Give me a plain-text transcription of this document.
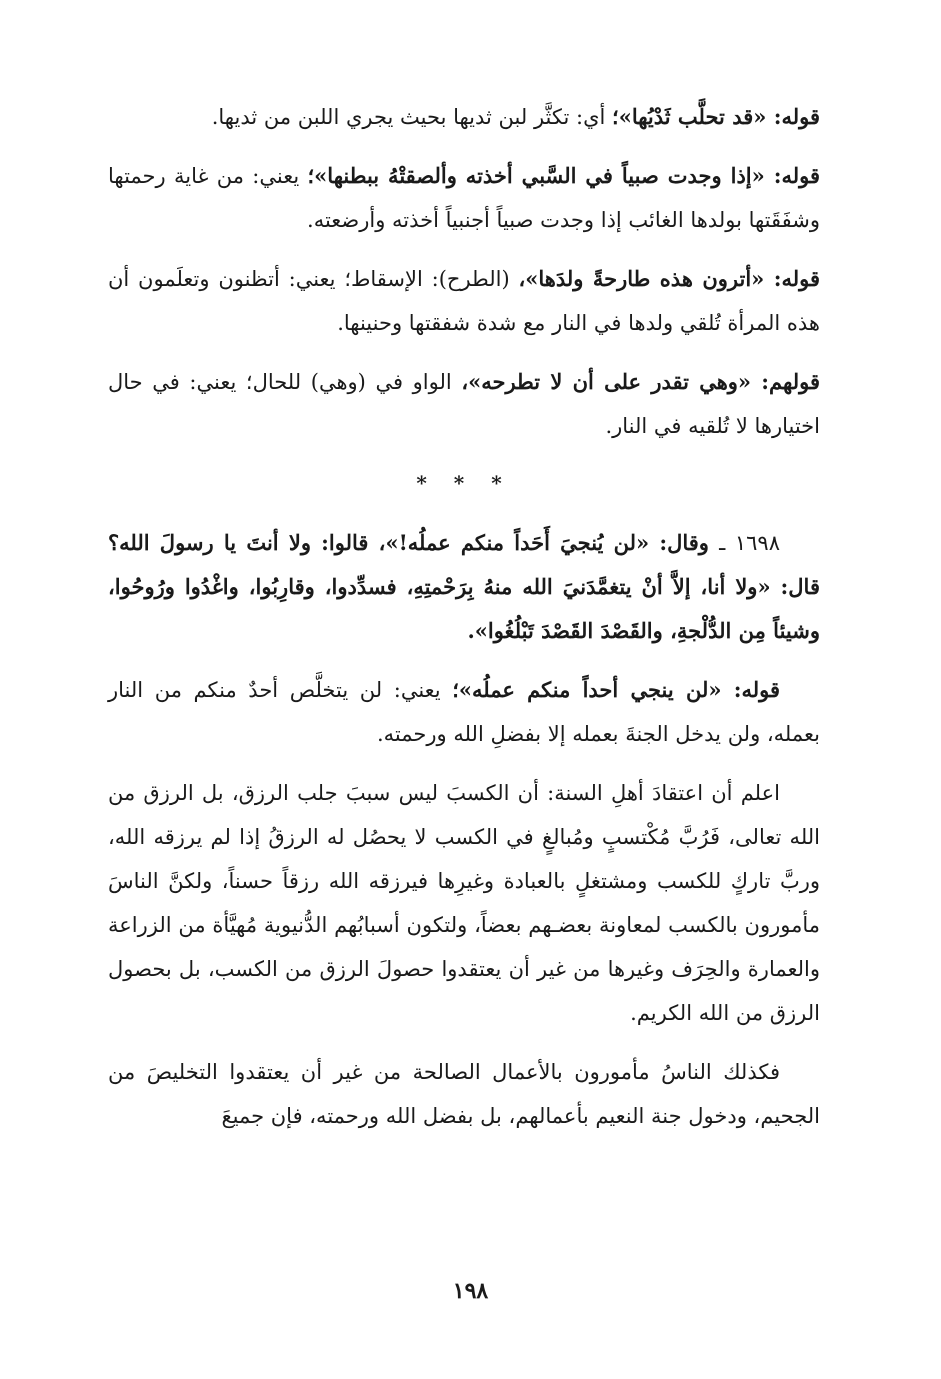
قوله: «قد تحلَّب ثَدْيُها»؛ أي: تكثَّر لبن ثديها بحيث يجري اللبن من ثديها.

قوله: «إذا وجدت صبياً في السَّبي أخذته وألصقتْهُ ببطنها»؛ يعني: من غاية رحمتها وشفَقَتها بولدها الغائب إذا وجدت صبياً أجنبياً أخذته وأرضعته.

قوله: «أترون هذه طارحةً ولدَها»، (الطرح): الإسقاط؛ يعني: أتظنون وتعلَمون أن هذه المرأة تُلقي ولدها في النار مع شدة شفقتها وحنينها.

قولهم: «وهي تقدر على أن لا تطرحه»، الواو في (وهي) للحال؛ يعني: في حال اختيارها لا تُلقيه في النار.

* * *

١٦٩٨ ـ وقال: «لن يُنجيَ أَحَداً منكم عملُه!»، قالوا: ولا أنتَ يا رسولَ الله؟ قال: «ولا أنا، إلاَّ أنْ يتغمَّدَنيَ الله منهُ بِرَحْمتِهِ، فسدِّدوا، وقارِبُوا، واغْدُوا ورُوحُوا، وشيئاً مِن الدُّلْجةِ، والقَصْدَ القَصْدَ تَبْلُغُوا».

قوله: «لن ينجي أحداً منكم عملُه»؛ يعني: لن يتخلَّص أحدٌ منكم من النار بعمله، ولن يدخل الجنةَ بعمله إلا بفضلِ الله ورحمته.

اعلم أن اعتقادَ أهلِ السنة: أن الكسبَ ليس سببَ جلب الرزق، بل الرزق من الله تعالى، فَرُبَّ مُكْتسبٍ ومُبالغٍ في الكسب لا يحصُل له الرزقُ إذا لم يرزقه الله، وربَّ تاركٍ للكسب ومشتغلٍ بالعبادة وغيرِها فيرزقه الله رزقاً حسناً، ولكنَّ الناسَ مأمورون بالكسب لمعاونة بعضـهم بعضاً، ولتكون أسبابُهم الدُّنيوية مُهيَّأة من الزراعة والعمارة والحِرَف وغيرها من غير أن يعتقدوا حصولَ الرزق من الكسب، بل بحصول الرزق من الله الكريم.

فكذلك الناسُ مأمورون بالأعمال الصالحة من غير أن يعتقدوا التخليصَ من الجحيم، ودخول جنة النعيم بأعمالهم، بل بفضل الله ورحمته، فإن جميعَ

١٩٨
